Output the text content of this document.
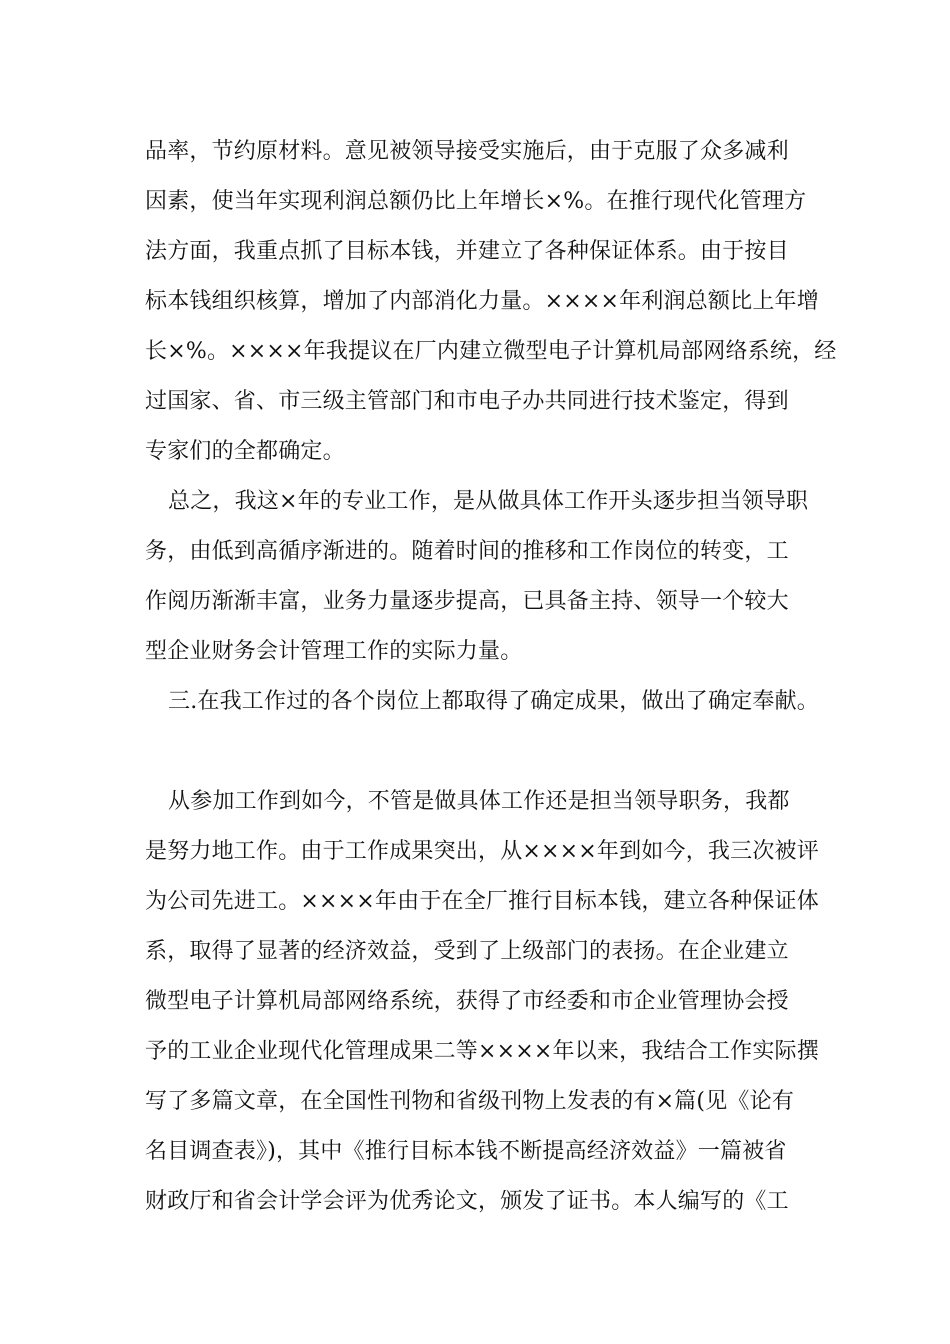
品率，节约原材料。意见被领导接受实施后，由于克服了众多减利
因素，使当年实现利润总额仍比上年增长×%。在推行现代化管理方
法方面，我重点抓了目标本钱，并建立了各种保证体系。由于按目
标本钱组织核算，增加了内部消化力量。××××年利润总额比上年增
长×%。××××年我提议在厂内建立微型电子计算机局部网络系统，经
过国家、省、市三级主管部门和市电子办共同进行技术鉴定，得到
专家们的全都确定。
总之，我这×年的专业工作，是从做具体工作开头逐步担当领导职
务，由低到高循序渐进的。随着时间的推移和工作岗位的转变，工
作阅历渐渐丰富，业务力量逐步提高，已具备主持、领导一个较大
型企业财务会计管理工作的实际力量。
三.在我工作过的各个岗位上都取得了确定成果，做出了确定奉献。
从参加工作到如今，不管是做具体工作还是担当领导职务，我都
是努力地工作。由于工作成果突出，从××××年到如今，我三次被评
为公司先进工。××××年由于在全厂推行目标本钱，建立各种保证体
系，取得了显著的经济效益，受到了上级部门的表扬。在企业建立
微型电子计算机局部网络系统，获得了市经委和市企业管理协会授
予的工业企业现代化管理成果二等××××年以来，我结合工作实际撰
写了多篇文章，在全国性刊物和省级刊物上发表的有×篇(见《论有
名目调查表》)，其中《推行目标本钱不断提高经济效益》一篇被省
财政厅和省会计学会评为优秀论文，颁发了证书。本人编写的《工
